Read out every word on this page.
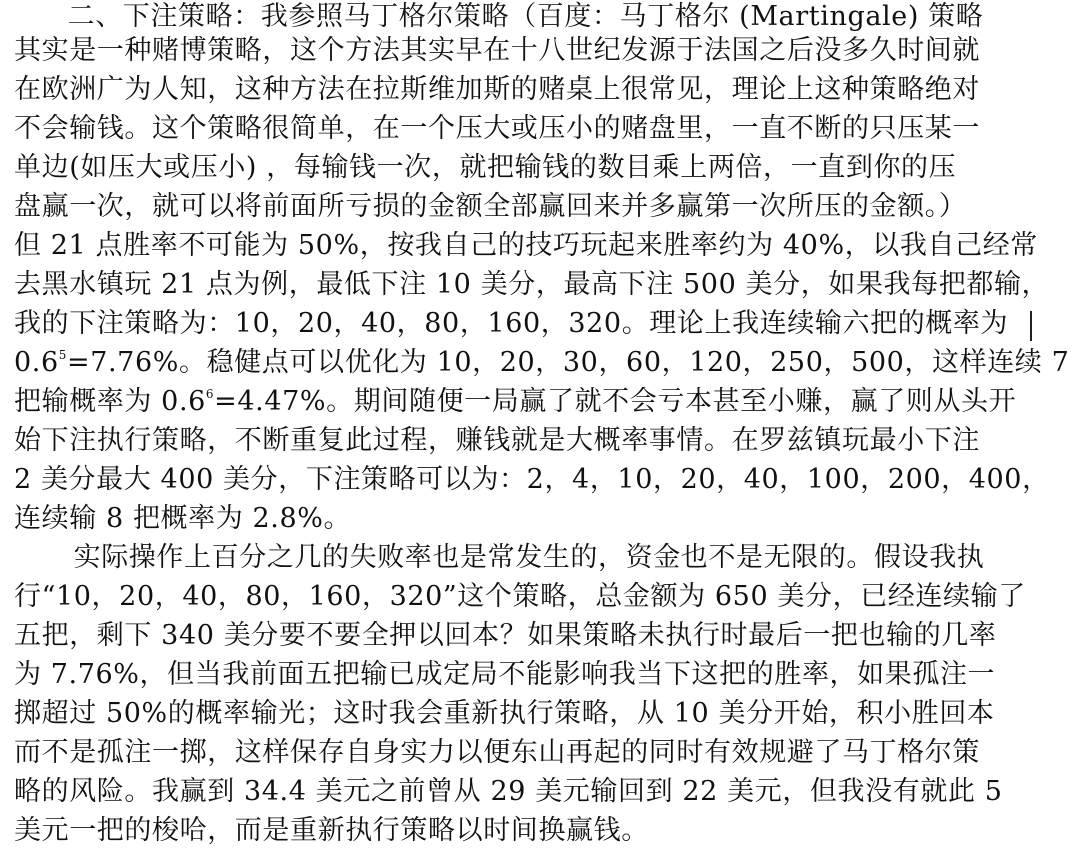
　二、下注策略：我参照马丁格尔策略（百度：马丁格尔 (Martingale) 策略
其实是一种赌博策略，这个方法其实早在十八世纪发源于法国之后没多久时间就
在欧洲广为人知，这种方法在拉斯维加斯的赌桌上很常见，理论上这种策略绝对
不会输钱。这个策略很简单，在一个压大或压小的赌盘里，一直不断的只压某一
单边(如压大或压小) ，每输钱一次，就把输钱的数目乘上两倍，一直到你的压
盘赢一次，就可以将前面所亏损的金额全部赢回来并多赢第一次所压的金额。）
但 21 点胜率不可能为 50%，按我自己的技巧玩起来胜率约为 40%，以我自己经常
去黑水镇玩 21 点为例，最低下注 10 美分，最高下注 500 美分，如果我每把都输，
我的下注策略为：10，20，40，80，160，320。理论上我连续输六把的概率为
$0.6^5=7.76\%$。稳健点可以优化为 10，20，30，60，120，250，500，这样连续 7
把输概率为 $0.6^6=4.47\%$。期间随便一局赢了就不会亏本甚至小赚，赢了则从头开
始下注执行策略，不断重复此过程，赚钱就是大概率事情。在罗兹镇玩最小下注
2 美分最大 400 美分，下注策略可以为：2，4，10，20，40，100，200，400，
连续输 8 把概率为 2.8%。
　实际操作上百分之几的失败率也是常发生的，资金也不是无限的。假设我执
行“10，20，40，80，160，320”这个策略，总金额为 650 美分，已经连续输了
五把，剩下 340 美分要不要全押以回本？如果策略未执行时最后一把也输的几率
为 7.76%，但当我前面五把输已成定局不能影响我当下这把的胜率，如果孤注一
掷超过 50%的概率输光；这时我会重新执行策略，从 10 美分开始，积小胜回本
而不是孤注一掷，这样保存自身实力以便东山再起的同时有效规避了马丁格尔策
略的风险。我赢到 34.4 美元之前曾从 29 美元输回到 22 美元，但我没有就此 5
美元一把的梭哈，而是重新执行策略以时间换赢钱。
